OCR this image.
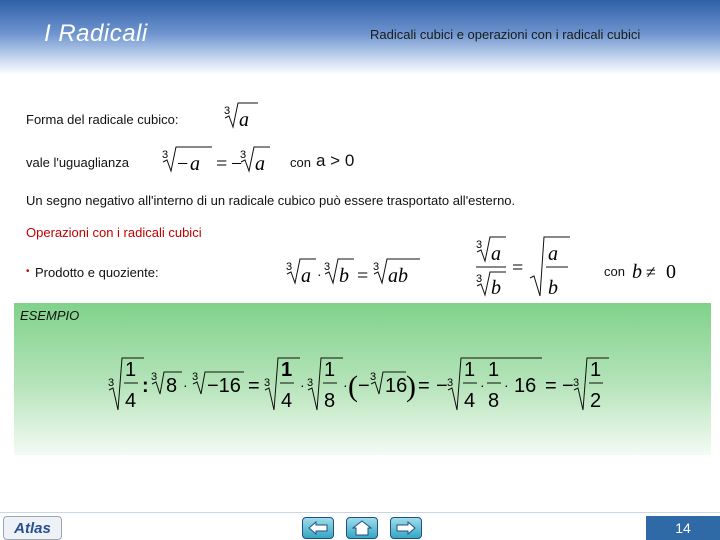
I Radicali	Radicali cubici e operazioni con i radicali cubici
Forma del radicale cubico:
3 a
vale l'uguaglianza	3 − a = −
3 a con a > 0
Un segno negativo all'interno di un radicale cubico può essere trasportato all'esterno.
Operazioni con i radicali cubici
• Prodotto e quoziente:	3 a ·
3 b = 3 ab
3 a
3 b
=
a
b
con b ≠ 0
ESEMPIO
3
1
4
: 3 8 · 3 −16 = 3
1
4
· 3
1
8
· ( − 3 16
) = − 3
1
4
·
1
8
· 16 = − 3
1
2
Atlas	14
